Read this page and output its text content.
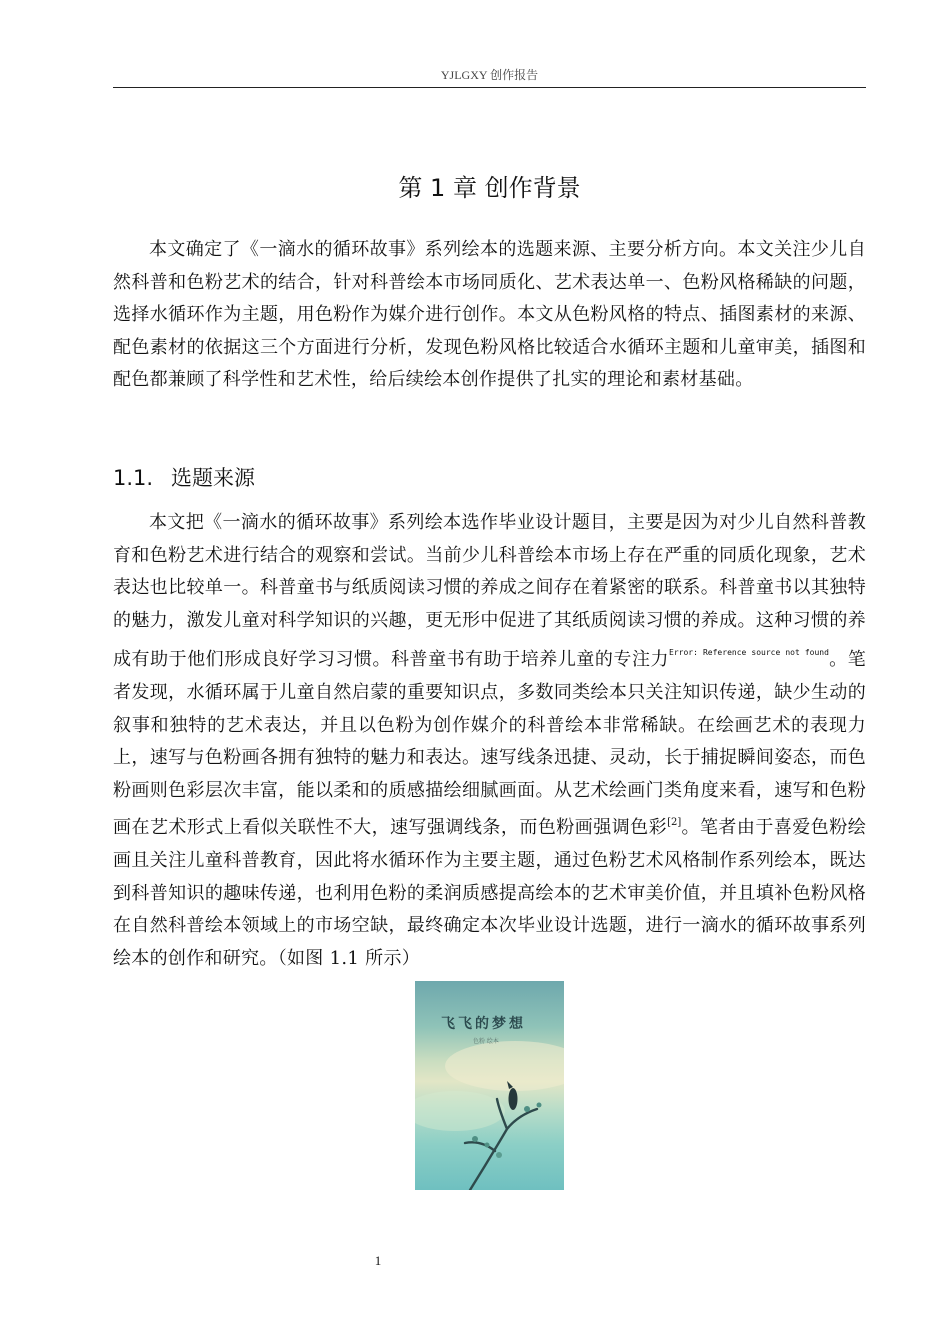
YJLGXY 创作报告
第 1 章 创作背景

本文确定了《一滴水的循环故事》系列绘本的选题来源、主要分析方向。本文关注少儿自然科普和色粉艺术的结合，针对科普绘本市场同质化、艺术表达单一、色粉风格稀缺的问题，选择水循环作为主题，用色粉作为媒介进行创作。本文从色粉风格的特点、插图素材的来源、配色素材的依据这三个方面进行分析，发现色粉风格比较适合水循环主题和儿童审美，插图和配色都兼顾了科学性和艺术性，给后续绘本创作提供了扎实的理论和素材基础。

1.1. 选题来源

本文把《一滴水的循环故事》系列绘本选作毕业设计题目，主要是因为对少儿自然科普教育和色粉艺术进行结合的观察和尝试。当前少儿科普绘本市场上存在严重的同质化现象，艺术表达也比较单一。科普童书与纸质阅读习惯的养成之间存在着紧密的联系。科普童书以其独特的魅力，激发儿童对科学知识的兴趣，更无形中促进了其纸质阅读习惯的养成。这种习惯的养成有助于他们形成良好学习习惯。科普童书有助于培养儿童的专注力$^{Error: Reference source not found}$。笔者发现，水循环属于儿童自然启蒙的重要知识点，多数同类绘本只关注知识传递，缺少生动的叙事和独特的艺术表达，并且以色粉为创作媒介的科普绘本非常稀缺。在绘画艺术的表现力上，速写与色粉画各拥有独特的魅力和表达。速写线条迅捷、灵动，长于捕捉瞬间姿态，而色粉画则色彩层次丰富，能以柔和的质感描绘细腻画面。从艺术绘画门类角度来看，速写和色粉画在艺术形式上看似关联性不大，速写强调线条，而色粉画强调色彩[2]。笔者由于喜爱色粉绘画且关注儿童科普教育，因此将水循环作为主要主题，通过色粉艺术风格制作系列绘本，既达到科普知识的趣味传递，也利用色粉的柔润质感提高绘本的艺术审美价值，并且填补色粉风格在自然科普绘本领域上的市场空缺，最终确定本次毕业设计选题，进行一滴水的循环故事系列绘本的创作和研究。（如图 1.1 所示）

飞飞的梦想
色粉 绘本
1
